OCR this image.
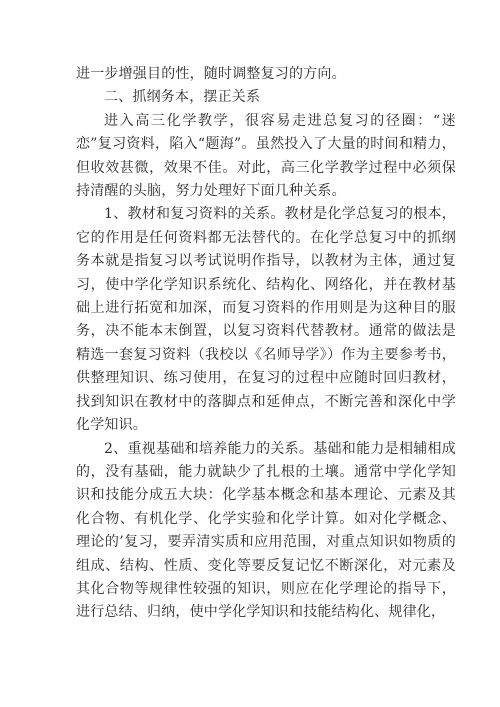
进一步增强目的性，随时调整复习的方向。

二、抓纲务本，摆正关系

进入高三化学教学，很容易走进总复习的径圈：“迷恋”复习资料，陷入“题海”。虽然投入了大量的时间和精力，但收效甚微，效果不佳。对此，高三化学教学过程中必须保持清醒的头脑，努力处理好下面几种关系。

1、教材和复习资料的关系。教材是化学总复习的根本，它的作用是任何资料都无法替代的。在化学总复习中的抓纲务本就是指复习以考试说明作指导，以教材为主体，通过复习，使中学化学知识系统化、结构化、网络化，并在教材基础上进行拓宽和加深，而复习资料的作用则是为这种目的服务，决不能本末倒置，以复习资料代替教材。通常的做法是精选一套复习资料（我校以《名师导学》）作为主要参考书，供整理知识、练习使用，在复习的过程中应随时回归教材，找到知识在教材中的落脚点和延伸点，不断完善和深化中学化学知识。

2、重视基础和培养能力的关系。基础和能力是相辅相成的，没有基础，能力就缺少了扎根的土壤。通常中学化学知识和技能分成五大块：化学基本概念和基本理论、元素及其化合物、有机化学、化学实验和化学计算。如对化学概念、理论的’复习，要弄清实质和应用范围，对重点知识如物质的组成、结构、性质、变化等要反复记忆不断深化，对元素及其化合物等规律性较强的知识，则应在化学理论的指导下，进行总结、归纳，使中学化学知识和技能结构化、规律化，
